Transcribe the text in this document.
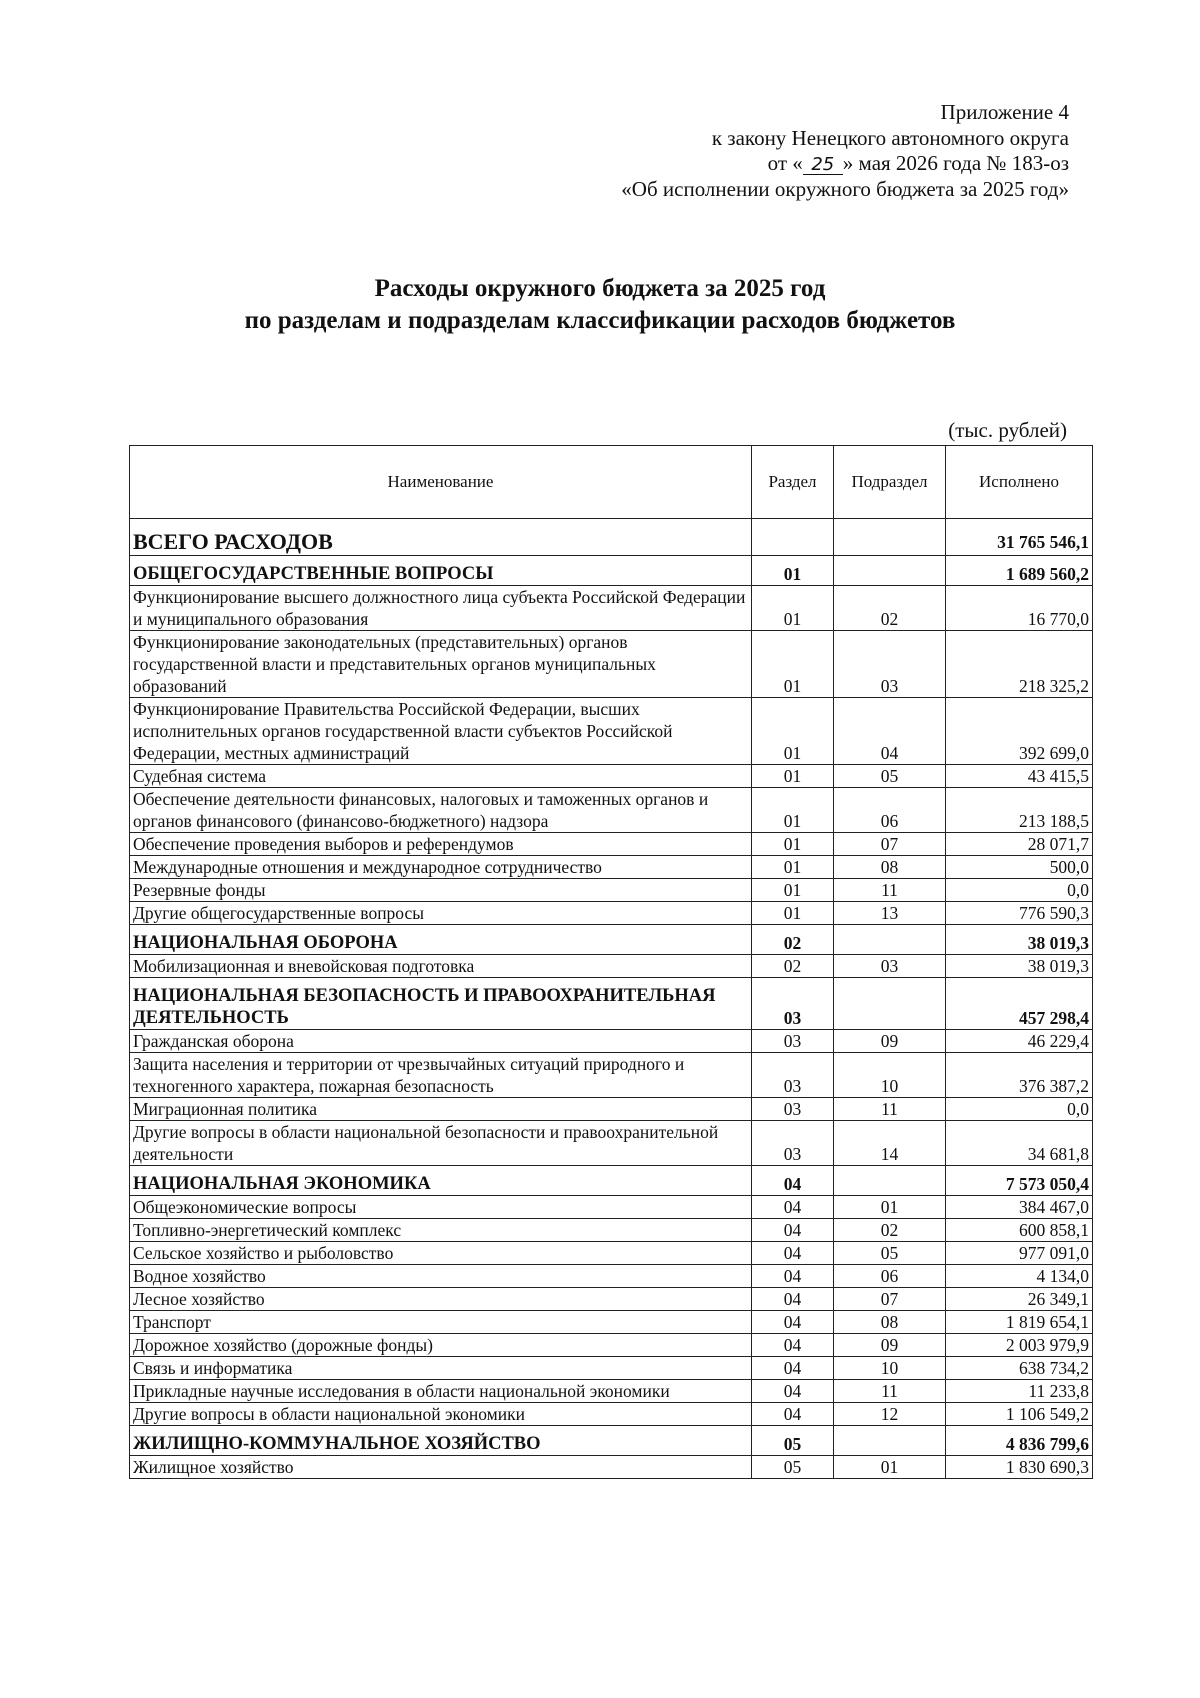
Приложение 4
к закону Ненецкого автономного округа
от « 25 » мая 2026 года № 183-оз
«Об исполнении окружного бюджета за 2025 год»
Расходы окружного бюджета за 2025 год
по разделам и подразделам классификации расходов бюджетов
(тыс. рублей)
Наименование	Раздел	Подраздел	Исполнено
ВСЕГО РАСХОДОВ			31 765 546,1
ОБЩЕГОСУДАРСТВЕННЫЕ ВОПРОСЫ	01		1 689 560,2
Функционирование высшего должностного лица субъекта Российской Федерации и муниципального образования	01	02	16 770,0
Функционирование законодательных (представительных) органов государственной власти и представительных органов муниципальных образований	01	03	218 325,2
Функционирование Правительства Российской Федерации, высших исполнительных органов государственной власти субъектов Российской Федерации, местных администраций	01	04	392 699,0
Судебная система	01	05	43 415,5
Обеспечение деятельности финансовых, налоговых и таможенных органов и органов финансового (финансово-бюджетного) надзора	01	06	213 188,5
Обеспечение проведения выборов и референдумов	01	07	28 071,7
Международные отношения и международное сотрудничество	01	08	500,0
Резервные фонды	01	11	0,0
Другие общегосударственные вопросы	01	13	776 590,3
НАЦИОНАЛЬНАЯ ОБОРОНА	02		38 019,3
Мобилизационная и вневойсковая подготовка	02	03	38 019,3
НАЦИОНАЛЬНАЯ БЕЗОПАСНОСТЬ И ПРАВООХРАНИТЕЛЬНАЯ ДЕЯТЕЛЬНОСТЬ	03		457 298,4
Гражданская оборона	03	09	46 229,4
Защита населения и территории от чрезвычайных ситуаций природного и техногенного характера, пожарная безопасность	03	10	376 387,2
Миграционная политика	03	11	0,0
Другие вопросы в области национальной безопасности и правоохранительной деятельности	03	14	34 681,8
НАЦИОНАЛЬНАЯ ЭКОНОМИКА	04		7 573 050,4
Общеэкономические вопросы	04	01	384 467,0
Топливно-энергетический комплекс	04	02	600 858,1
Сельское хозяйство и рыболовство	04	05	977 091,0
Водное хозяйство	04	06	4 134,0
Лесное хозяйство	04	07	26 349,1
Транспорт	04	08	1 819 654,1
Дорожное хозяйство (дорожные фонды)	04	09	2 003 979,9
Связь и информатика	04	10	638 734,2
Прикладные научные исследования в области национальной экономики	04	11	11 233,8
Другие вопросы в области национальной экономики	04	12	1 106 549,2
ЖИЛИЩНО-КОММУНАЛЬНОЕ ХОЗЯЙСТВО	05		4 836 799,6
Жилищное хозяйство	05	01	1 830 690,3
